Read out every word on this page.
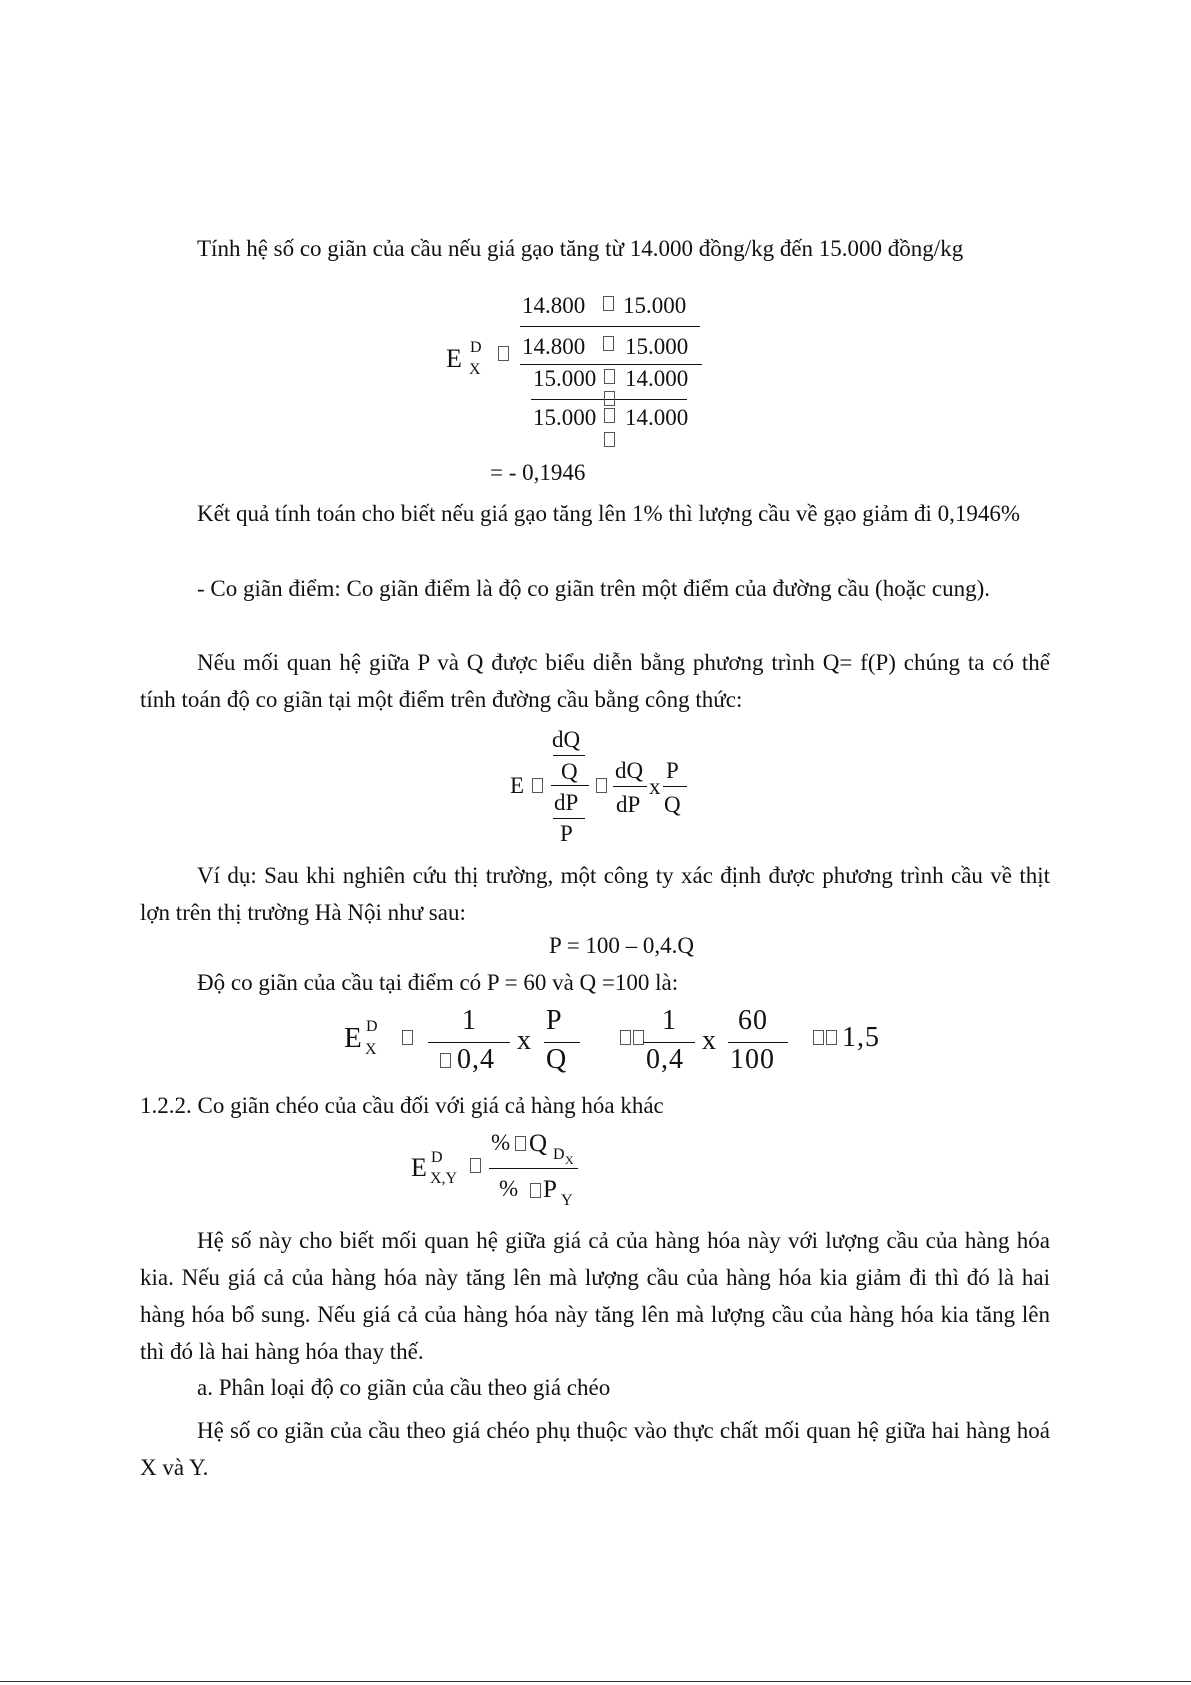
Tính hệ số co giãn của cầu nếu giá gạo tăng từ 14.000 đồng/kg đến 15.000 đồng/kg
14.800 15.000
E D
X
14.800 15.000
15.000 14.000
15.000 14.000
= - 0,1946
Kết quả tính toán cho biết nếu giá gạo tăng lên 1% thì lượng cầu về gạo giảm đi 0,1946%
- Co giãn điểm: Co giãn điểm là độ co giãn trên một điểm của đường cầu (hoặc cung).
Nếu mối quan hệ giữa P và Q được biểu diễn bằng phương trình Q= f(P) chúng ta có thể tính toán độ co giãn tại một điểm trên đường cầu bằng công thức:
dQ
Q
E
dQ
dP
x
P
Q
dP
P
Ví dụ: Sau khi nghiên cứu thị trường, một công ty xác định được phương trình cầu về thịt lợn trên thị trường Hà Nội như sau:
P = 100 – 0,4.Q
Độ co giãn của cầu tại điểm có P = 60 và Q =100 là:
E D
X
1
0,4
x
P
Q
1
0,4
x
60
100
1,5
1.2.2. Co giãn chéo của cầu đối với giá cả hàng hóa khác
E D
X,Y
% Q D X
% P Y
Hệ số này cho biết mối quan hệ giữa giá cả của hàng hóa này với lượng cầu của hàng hóa kia. Nếu giá cả của hàng hóa này tăng lên mà lượng cầu của hàng hóa kia giảm đi thì đó là hai hàng hóa bổ sung. Nếu giá cả của hàng hóa này tăng lên mà lượng cầu của hàng hóa kia tăng lên thì đó là hai hàng hóa thay thế.
a. Phân loại độ co giãn của cầu theo giá chéo
Hệ số co giãn của cầu theo giá chéo phụ thuộc vào thực chất mối quan hệ giữa hai hàng hoá X và Y.
